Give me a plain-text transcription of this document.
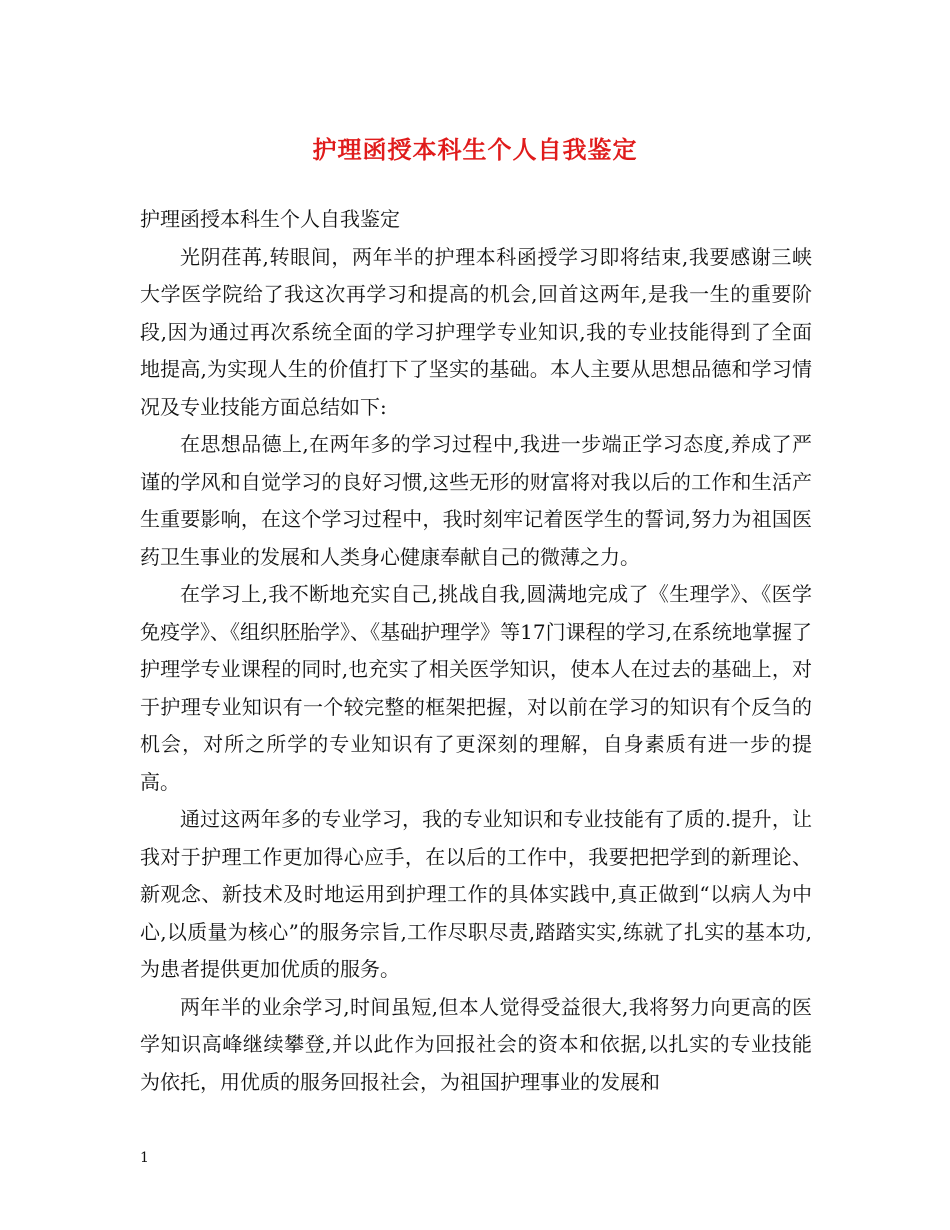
护理函授本科生个人自我鉴定

护理函授本科生个人自我鉴定

光阴荏苒,转眼间，两年半的护理本科函授学习即将结束,我要感谢三峡大学医学院给了我这次再学习和提高的机会,回首这两年,是我一生的重要阶段,因为通过再次系统全面的学习护理学专业知识,我的专业技能得到了全面地提高,为实现人生的价值打下了坚实的基础。本人主要从思想品德和学习情况及专业技能方面总结如下:

在思想品德上,在两年多的学习过程中,我进一步端正学习态度,养成了严谨的学风和自觉学习的良好习惯,这些无形的财富将对我以后的工作和生活产生重要影响，在这个学习过程中，我时刻牢记着医学生的誓词,努力为祖国医药卫生事业的发展和人类身心健康奉献自己的微薄之力。

在学习上,我不断地充实自己,挑战自我,圆满地完成了《生理学》、《医学免疫学》、《组织胚胎学》、《基础护理学》等17门课程的学习,在系统地掌握了护理学专业课程的同时,也充实了相关医学知识，使本人在过去的基础上，对于护理专业知识有一个较完整的框架把握，对以前在学习的知识有个反刍的机会，对所之所学的专业知识有了更深刻的理解，自身素质有进一步的提高。

通过这两年多的专业学习，我的专业知识和专业技能有了质的.提升，让我对于护理工作更加得心应手，在以后的工作中，我要把把学到的新理论、新观念、新技术及时地运用到护理工作的具体实践中,真正做到“以病人为中心,以质量为核心”的服务宗旨,工作尽职尽责,踏踏实实,练就了扎实的基本功, 为患者提供更加优质的服务。

两年半的业余学习,时间虽短,但本人觉得受益很大,我将努力向更高的医学知识高峰继续攀登,并以此作为回报社会的资本和依据,以扎实的专业技能为依托，用优质的服务回报社会，为祖国护理事业的发展和

1
